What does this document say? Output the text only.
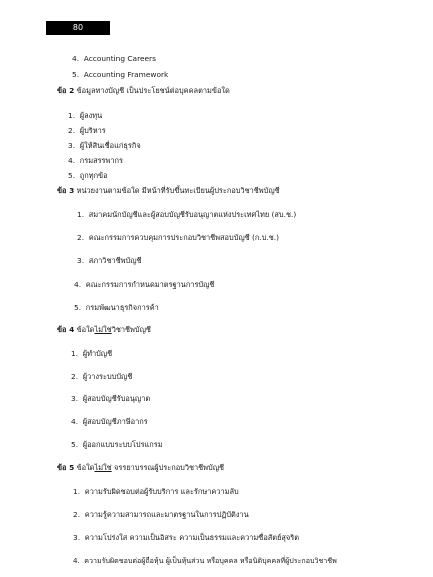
80
4. Accounting Careers
5. Accounting Framework
ข้อ 2 ข้อมูลทางบัญชี เป็นประโยชน์ต่อบุคคลตามข้อใด
1. ผู้ลงทุน
2. ผู้บริหาร
3. ผู้ให้สินเชื่อแก่ธุรกิจ
4. กรมสรรพากร
5. ถูกทุกข้อ
ข้อ 3 หน่วยงานตามข้อใด มีหน้าที่รับขึ้นทะเบียนผู้ประกอบวิชาชีพบัญชี
1. สมาคมนักบัญชีและผู้สอบบัญชีรับอนุญาตแห่งประเทศไทย (สบ.ช.)
2. คณะกรรมการควบคุมการประกอบวิชาชีพสอบบัญชี (ก.บ.ช.)
3. สภาวิชาชีพบัญชี
4. คณะกรรมการกำหนดมาตรฐานการบัญชี
5. กรมพัฒนาธุรกิจการค้า
ข้อ 4 ข้อใดไม่ใช่วิชาชีพบัญชี
1. ผู้ทำบัญชี
2. ผู้วางระบบบัญชี
3. ผู้สอบบัญชีรับอนุญาต
4. ผู้สอบบัญชีภาษีอากร
5. ผู้ออกแบบระบบโปรแกรม
ข้อ 5 ข้อใดไม่ใช่ จรรยาบรรณผู้ประกอบวิชาชีพบัญชี
1. ความรับผิดชอบต่อผู้รับบริการ และรักษาความลับ
2. ความรู้ความสามารถและมาตรฐานในการปฏิบัติงาน
3. ความโปร่งใส ความเป็นอิสระ ความเป็นธรรมและความซื่อสัตย์สุจริต
4. ความรับผิดชอบต่อผู้ถือหุ้น ผู้เป็นหุ้นส่วน หรือบุคคล หรือนิติบุคคลที่ผู้ประกอบวิชาชีพ
